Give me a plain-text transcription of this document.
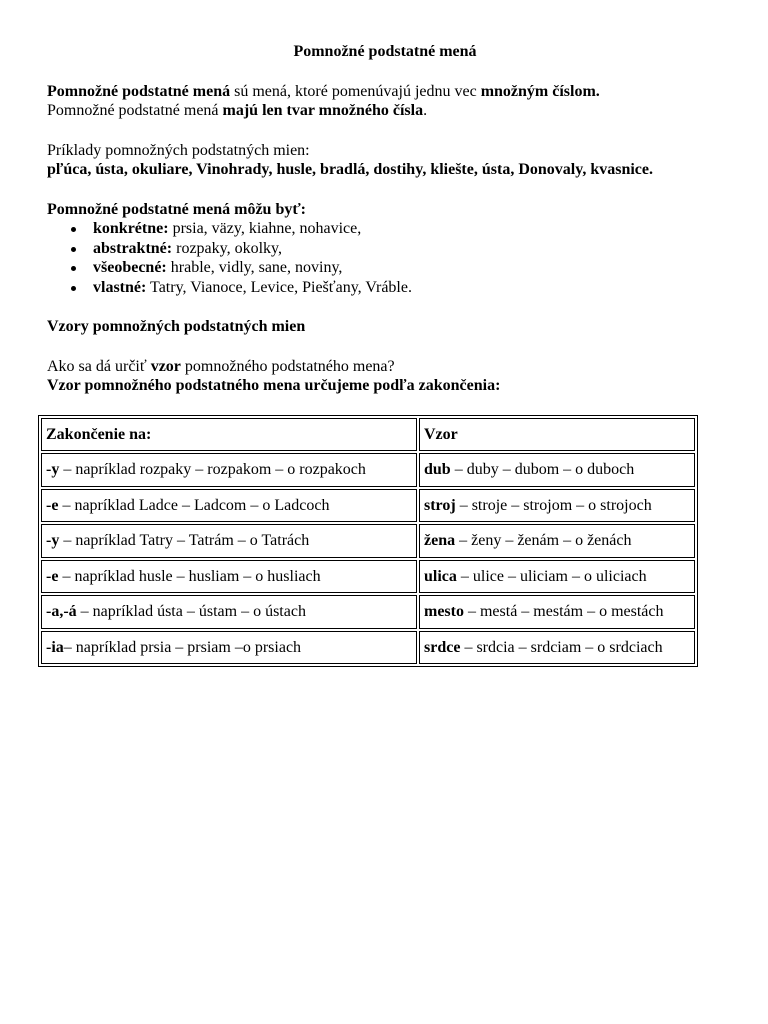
Pomnožné podstatné mená

Pomnožné podstatné mená sú mená, ktoré pomenúvajú jednu vec množným číslom.

Pomnožné podstatné mená majú len tvar množného čísla.

Príklady pomnožných podstatných mien:

pľúca, ústa, okuliare, Vinohrady, husle, bradlá, dostihy, kliešte, ústa, Donovaly, kvasnice.

Pomnožné podstatné mená môžu byť:

konkrétne: prsia, väzy, kiahne, nohavice,
abstraktné: rozpaky, okolky,
všeobecné: hrable, vidly, sane, noviny,
vlastné: Tatry, Vianoce, Levice, Piešťany, Vráble.

Vzory pomnožných podstatných mien

Ako sa dá určiť vzor pomnožného podstatného mena?

Vzor pomnožného podstatného mena určujeme podľa zakončenia:

Zakončenie na:	Vzor
-y – napríklad rozpaky – rozpakom – o rozpakoch	dub – duby – dubom – o duboch
-e – napríklad Ladce – Ladcom – o Ladcoch	stroj – stroje – strojom – o strojoch
-y – napríklad Tatry – Tatrám – o Tatrách	žena – ženy – ženám – o ženách
-e – napríklad husle – husliam – o husliach	ulica – ulice – uliciam – o uliciach
-a,-á – napríklad ústa – ústam – o ústach	mesto – mestá – mestám – o mestách
-ia– napríklad prsia – prsiam –o prsiach	srdce – srdcia – srdciam – o srdciach
